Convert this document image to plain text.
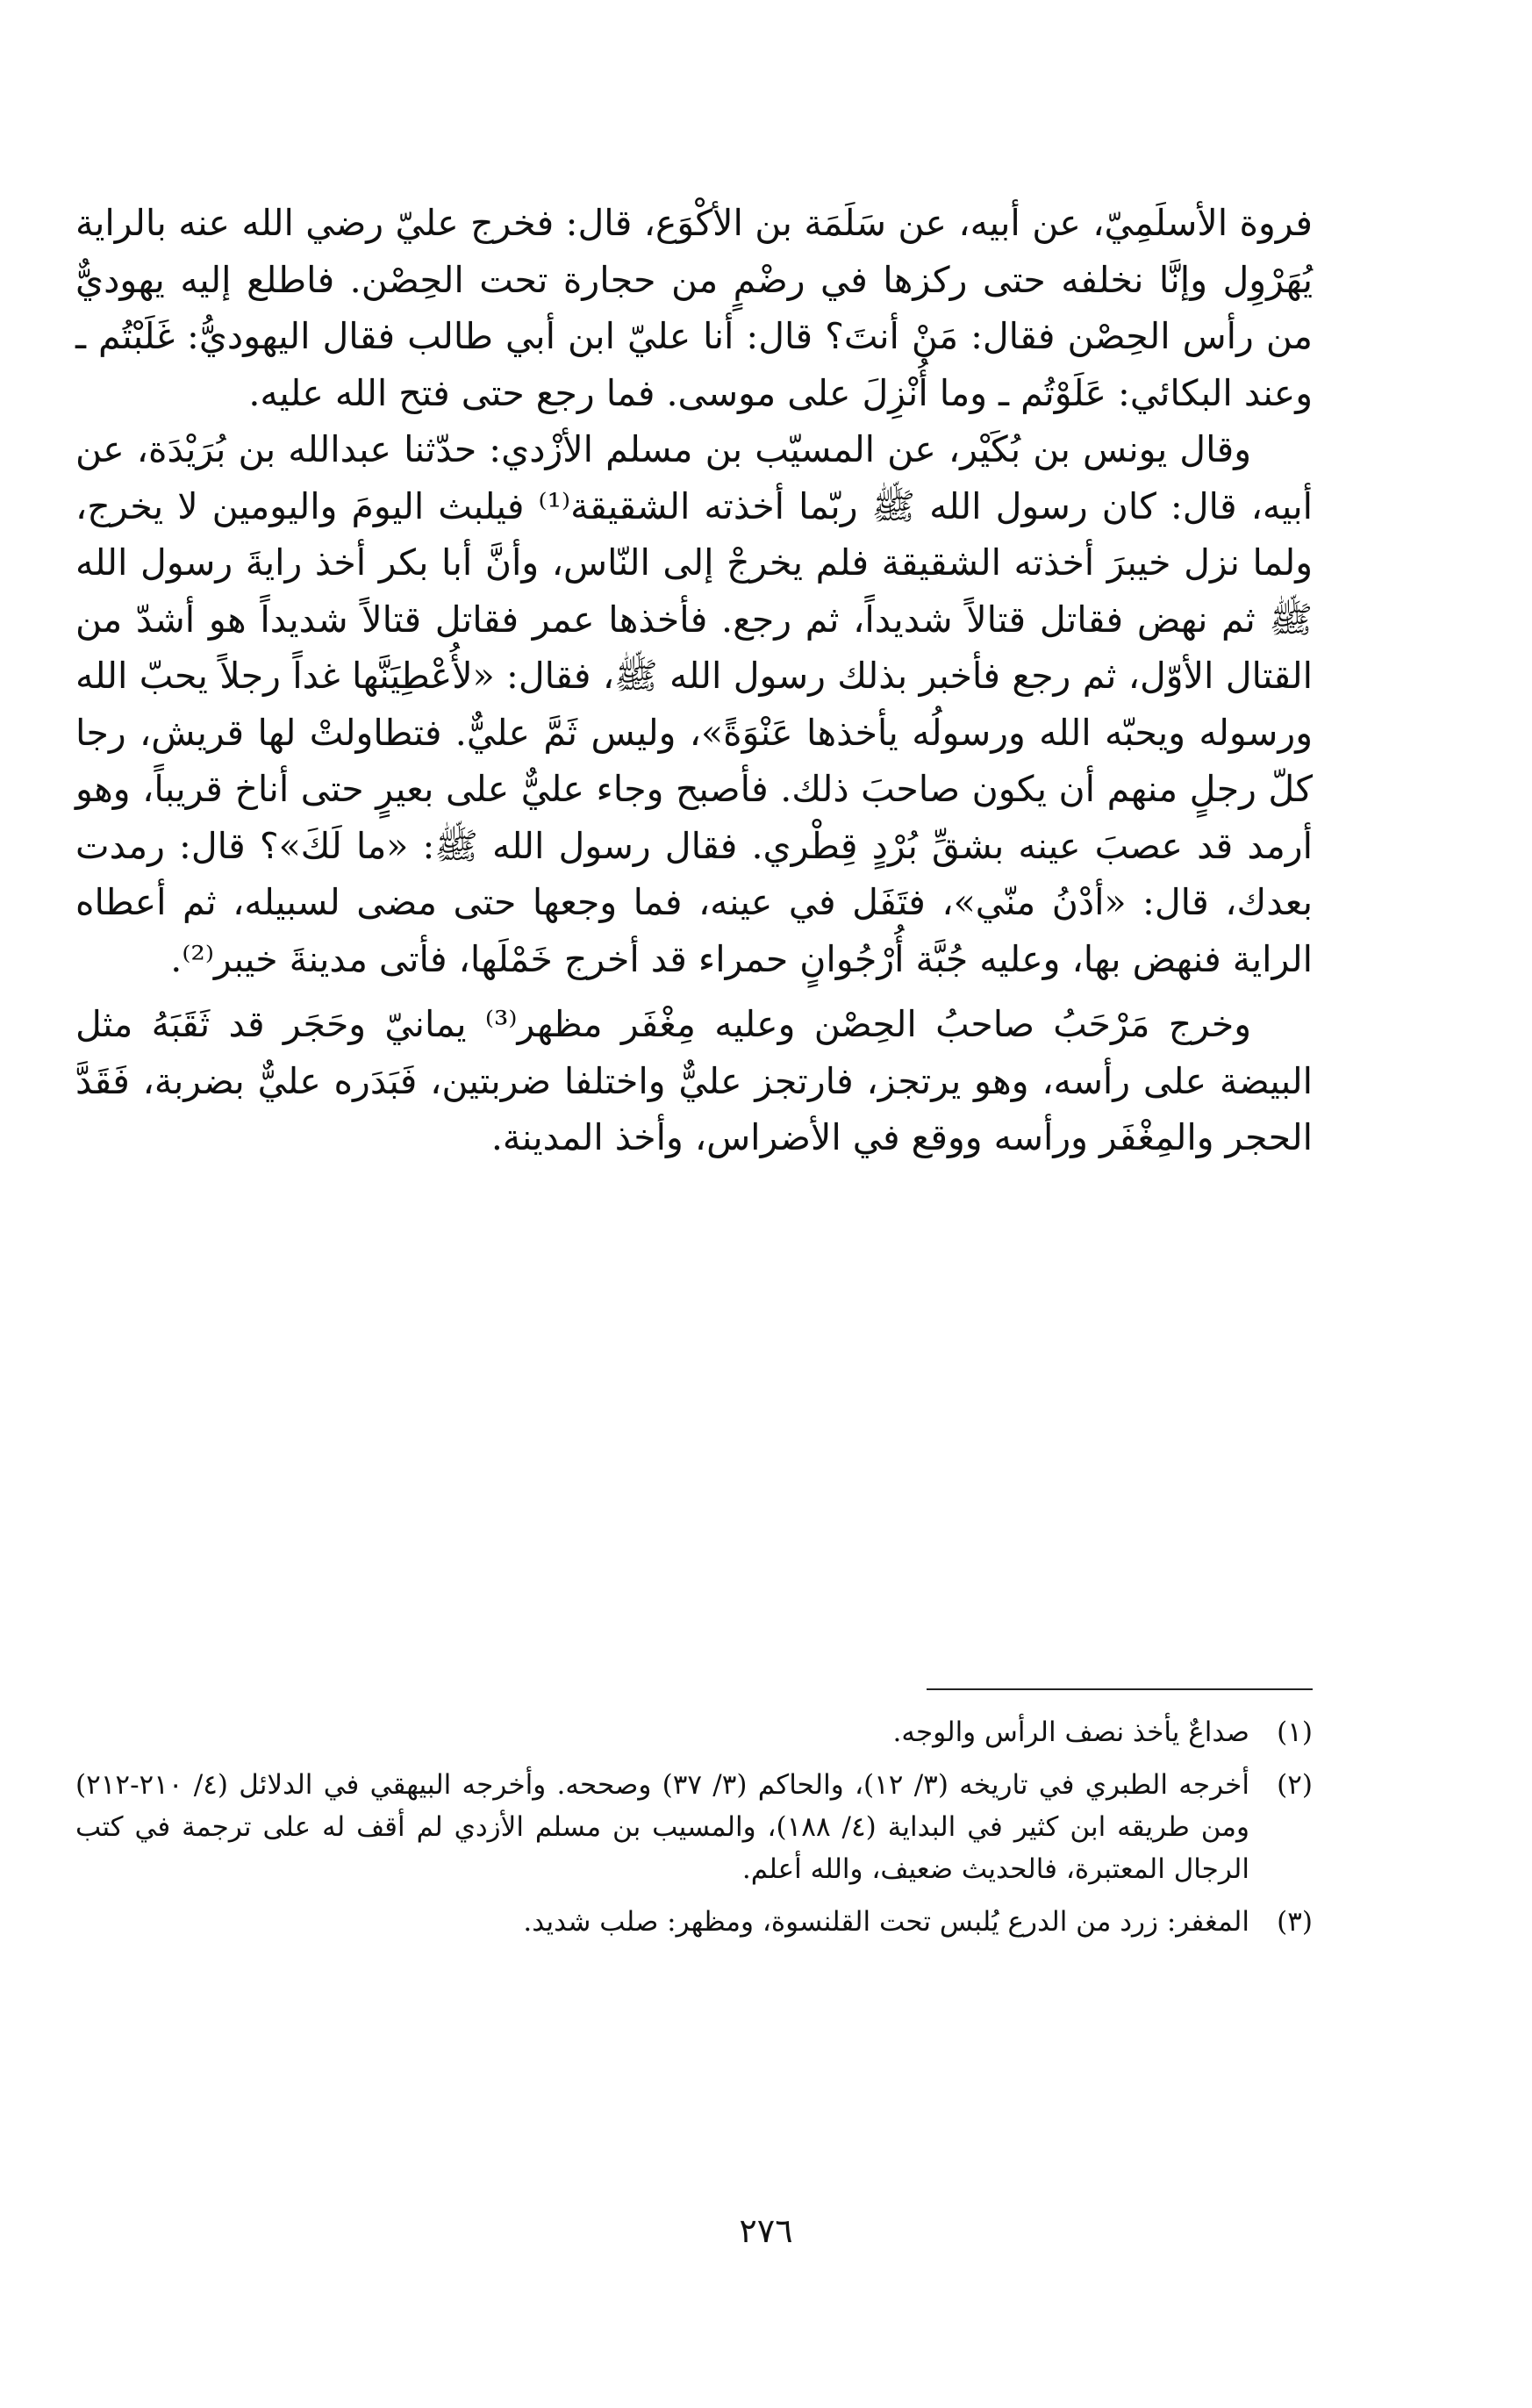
فروة الأسلَمِيّ، عن أبيه، عن سَلَمَة بن الأكْوَع، قال: فخرج عليّ رضي الله عنه بالراية يُهَرْوِل وإنَّا نخلفه حتى ركزها في رضْمٍ من حجارة تحت الحِصْن. فاطلع إليه يهوديٌّ من رأس الحِصْن فقال: مَنْ أنتَ؟ قال: أنا عليّ ابن أبي طالب فقال اليهوديُّ: غَلَبْتُم ـ وعند البكائي: عَلَوْتُم ـ وما أُنْزِلَ على موسى. فما رجع حتى فتح الله عليه.

وقال يونس بن بُكَيْر، عن المسيّب بن مسلم الأزْدي: حدّثنا عبدالله بن بُرَيْدَة، عن أبيه، قال: كان رسول الله ﷺ ربّما أخذته الشقيقة⁽¹⁾ فيلبث اليومَ واليومين لا يخرج، ولما نزل خيبرَ أخذته الشقيقة فلم يخرجْ إلى النّاس، وأنَّ أبا بكر أخذ رايةَ رسول الله ﷺ ثم نهض فقاتل قتالاً شديداً، ثم رجع. فأخذها عمر فقاتل قتالاً شديداً هو أشدّ من القتال الأوّل، ثم رجع فأخبر بذلك رسول الله ﷺ، فقال: «لأُعْطِيَنَّها غداً رجلاً يحبّ الله ورسوله ويحبّه الله ورسولُه يأخذها عَنْوَةً»، وليس ثَمَّ عليٌّ. فتطاولتْ لها قريش، رجا كلّ رجلٍ منهم أن يكون صاحبَ ذلك. فأصبح وجاء عليٌّ على بعيرٍ حتى أناخ قريباً، وهو أرمد قد عصبَ عينه بشقِّ بُرْدٍ قِطْري. فقال رسول الله ﷺ: «ما لَكَ»؟ قال: رمدت بعدك، قال: «أدْنُ منّي»، فتَفَل في عينه، فما وجعها حتى مضى لسبيله، ثم أعطاه الراية فنهض بها، وعليه جُبَّة أُرْجُوانٍ حمراء قد أخرج خَمْلَها، فأتى مدينةَ خيبر⁽²⁾.

وخرج مَرْحَبُ صاحبُ الحِصْن وعليه مِغْفَر مظهر⁽³⁾ يمانيّ وحَجَر قد ثَقَبَهُ مثل البيضة على رأسه، وهو يرتجز، فارتجز عليٌّ واختلفا ضربتين، فَبَدَره عليٌّ بضربة، فَقَدَّ الحجر والمِغْفَر ورأسه ووقع في الأضراس، وأخذ المدينة.

(١)
صداعٌ يأخذ نصف الرأس والوجه.
(٢)
أخرجه الطبري في تاريخه (٣/ ١٢)، والحاكم (٣/ ٣٧) وصححه. وأخرجه البيهقي في الدلائل (٤/ ٢١٠-٢١٢) ومن طريقه ابن كثير في البداية (٤/ ١٨٨)، والمسيب بن مسلم الأزدي لم أقف له على ترجمة في كتب الرجال المعتبرة، فالحديث ضعيف، والله أعلم.
(٣)
المغفر: زرد من الدرع يُلبس تحت القلنسوة، ومظهر: صلب شديد.
٢٧٦
